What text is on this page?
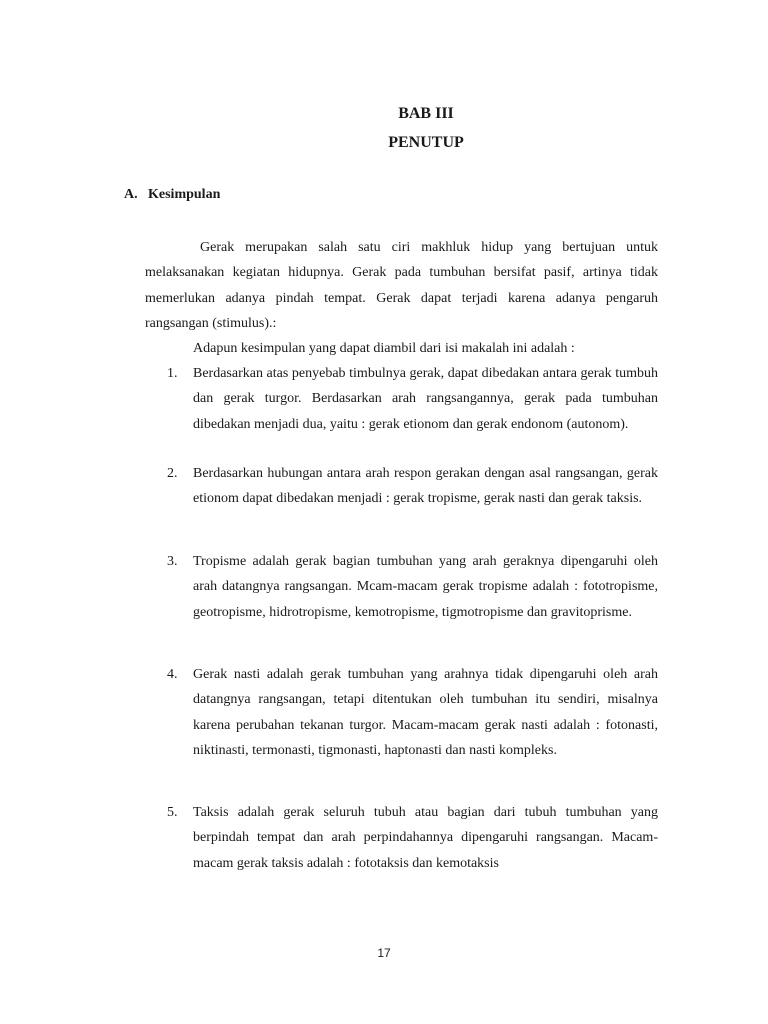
BAB III
PENUTUP
A. Kesimpulan

Gerak merupakan salah satu ciri makhluk hidup yang bertujuan untuk melaksanakan kegiatan hidupnya. Gerak pada tumbuhan bersifat pasif, artinya tidak memerlukan adanya pindah tempat. Gerak dapat terjadi karena adanya pengaruh rangsangan (stimulus).:

Adapun kesimpulan yang dapat diambil dari isi makalah ini adalah :

1.	Berdasarkan atas penyebab timbulnya gerak, dapat dibedakan antara gerak tumbuh dan gerak turgor. Berdasarkan arah rangsangannya, gerak pada tumbuhan dibedakan menjadi dua, yaitu : gerak etionom dan gerak endonom (autonom).
2.	Berdasarkan hubungan antara arah respon gerakan dengan asal rangsangan, gerak etionom dapat dibedakan menjadi : gerak tropisme, gerak nasti dan gerak taksis.
3.	Tropisme adalah gerak bagian tumbuhan yang arah geraknya dipengaruhi oleh arah datangnya rangsangan. Mcam-macam gerak tropisme adalah : fototropisme, geotropisme, hidrotropisme, kemotropisme, tigmotropisme dan gravitoprisme.
4.	Gerak nasti adalah gerak tumbuhan yang arahnya tidak dipengaruhi oleh arah datangnya rangsangan, tetapi ditentukan oleh tumbuhan itu sendiri, misalnya karena perubahan tekanan turgor. Macam-macam gerak nasti adalah : fotonasti, niktinasti, termonasti, tigmonasti, haptonasti dan nasti kompleks.
5.	Taksis adalah gerak seluruh tubuh atau bagian dari tubuh tumbuhan yang berpindah tempat dan arah perpindahannya dipengaruhi rangsangan. Macam-macam gerak taksis adalah : fototaksis dan kemotaksis
17
